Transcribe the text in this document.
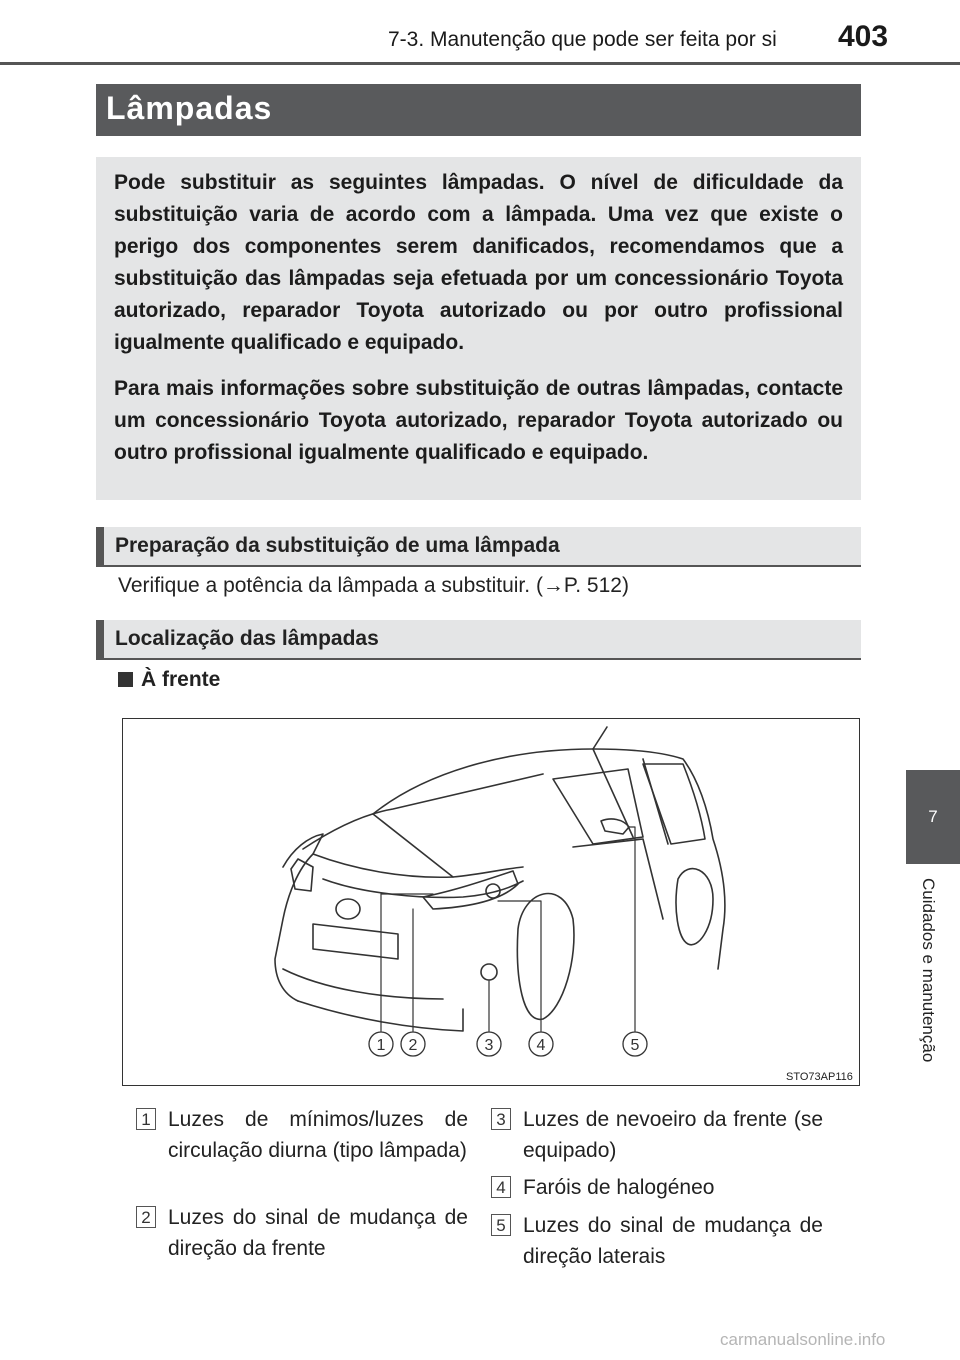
7-3. Manutenção que pode ser feita por si 403
7
Cuidados e manutenção
Lâmpadas

Pode substituir as seguintes lâmpadas. O nível de dificuldade da substituição varia de acordo com a lâmpada. Uma vez que existe o perigo dos componentes serem danificados, recomendamos que a substituição das lâmpadas seja efetuada por um concessionário Toyota autorizado, reparador Toyota autorizado ou por outro profissional igualmente qualificado e equipado.

Para mais informações sobre substituição de outras lâmpadas, contacte um concessionário Toyota autorizado, reparador Toyota autorizado ou outro profissional igualmente qualificado e equipado.

Preparação da substituição de uma lâmpada
Verifique a potência da lâmpada a substituir. (→P. 512)
Localização das lâmpadas
À frente
1 2	3	4	5
STO73AP116
1 Luzes de mínimos/luzes de circulação diurna (tipo lâmpada)
2 Luzes do sinal de mudança de direção da frente
3 Luzes de nevoeiro da frente (se equipado)
4 Faróis de halogéneo
5 Luzes do sinal de mudança de direção laterais
carmanualsonline.info
